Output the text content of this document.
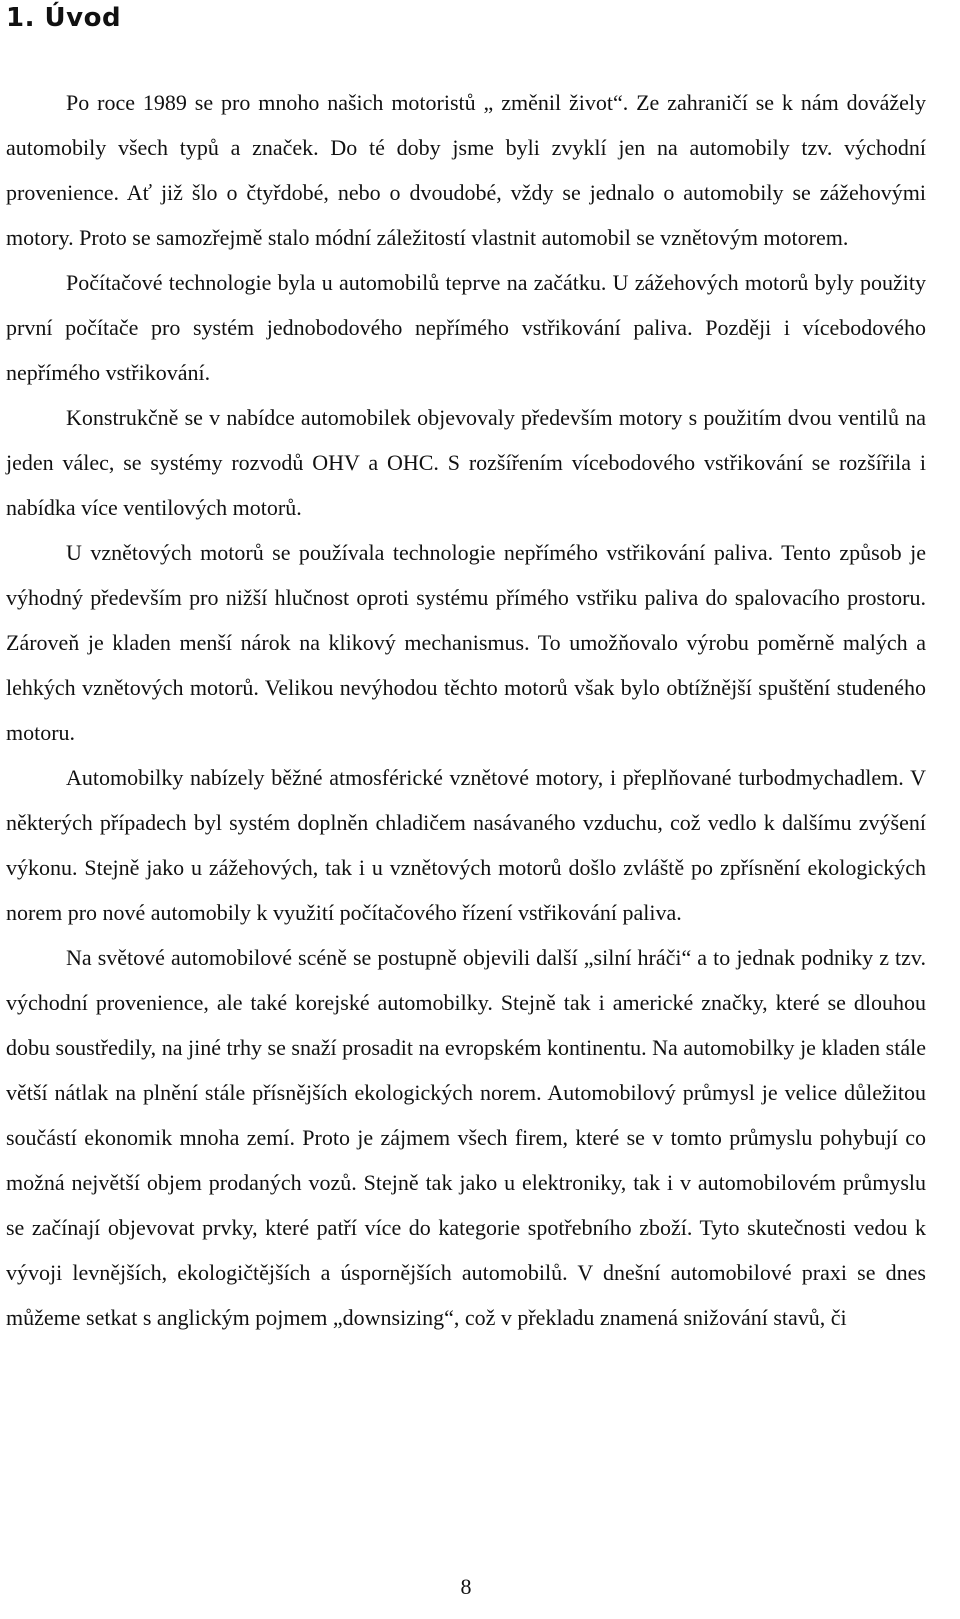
1. Úvod

Po roce 1989 se pro mnoho našich motoristů „ změnil život“. Ze zahraničí se k nám dovážely automobily všech typů a značek. Do té doby jsme byli zvyklí jen na automobily tzv. východní provenience. Ať již šlo o čtyřdobé, nebo o dvoudobé, vždy se jednalo o automobily se zážehovými motory. Proto se samozřejmě stalo módní záležitostí vlastnit automobil se vznětovým motorem.

Počítačové technologie byla u automobilů teprve na začátku. U zážehových motorů byly použity první počítače pro systém jednobodového nepřímého vstřikování paliva. Později i vícebodového nepřímého vstřikování.

Konstrukčně se v nabídce automobilek objevovaly především motory s použitím dvou ventilů na jeden válec, se systémy rozvodů OHV a OHC. S rozšířením vícebodového vstřikování se rozšířila i nabídka více ventilových motorů.

U vznětových motorů se používala technologie nepřímého vstřikování paliva. Tento způsob je výhodný především pro nižší hlučnost oproti systému přímého vstřiku paliva do spalovacího prostoru. Zároveň je kladen menší nárok na klikový mechanismus. To umožňovalo výrobu poměrně malých a lehkých vznětových motorů. Velikou nevýhodou těchto motorů však bylo obtížnější spuštění studeného motoru.

Automobilky nabízely běžné atmosférické vznětové motory, i přeplňované turbodmychadlem. V některých případech byl systém doplněn chladičem nasávaného vzduchu, což vedlo k dalšímu zvýšení výkonu. Stejně jako u zážehových, tak i u vznětových motorů došlo zvláště po zpřísnění ekologických norem pro nové automobily k využití počítačového řízení vstřikování paliva.

Na světové automobilové scéně se postupně objevili další „silní hráči“ a to jednak podniky z tzv. východní provenience, ale také korejské automobilky. Stejně tak i americké značky, které se dlouhou dobu soustředily, na jiné trhy se snaží prosadit na evropském kontinentu. Na automobilky je kladen stále větší nátlak na plnění stále přísnějších ekologických norem. Automobilový průmysl je velice důležitou součástí ekonomik mnoha zemí. Proto je zájmem všech firem, které se v tomto průmyslu pohybují co možná největší objem prodaných vozů. Stejně tak jako u elektroniky, tak i v automobilovém průmyslu se začínají objevovat prvky, které patří více do kategorie spotřebního zboží. Tyto skutečnosti vedou k vývoji levnějších, ekologičtějších a úspornějších automobilů. V dnešní automobilové praxi se dnes můžeme setkat s anglickým pojmem „downsizing“, což v překladu znamená snižování stavů, či

8
